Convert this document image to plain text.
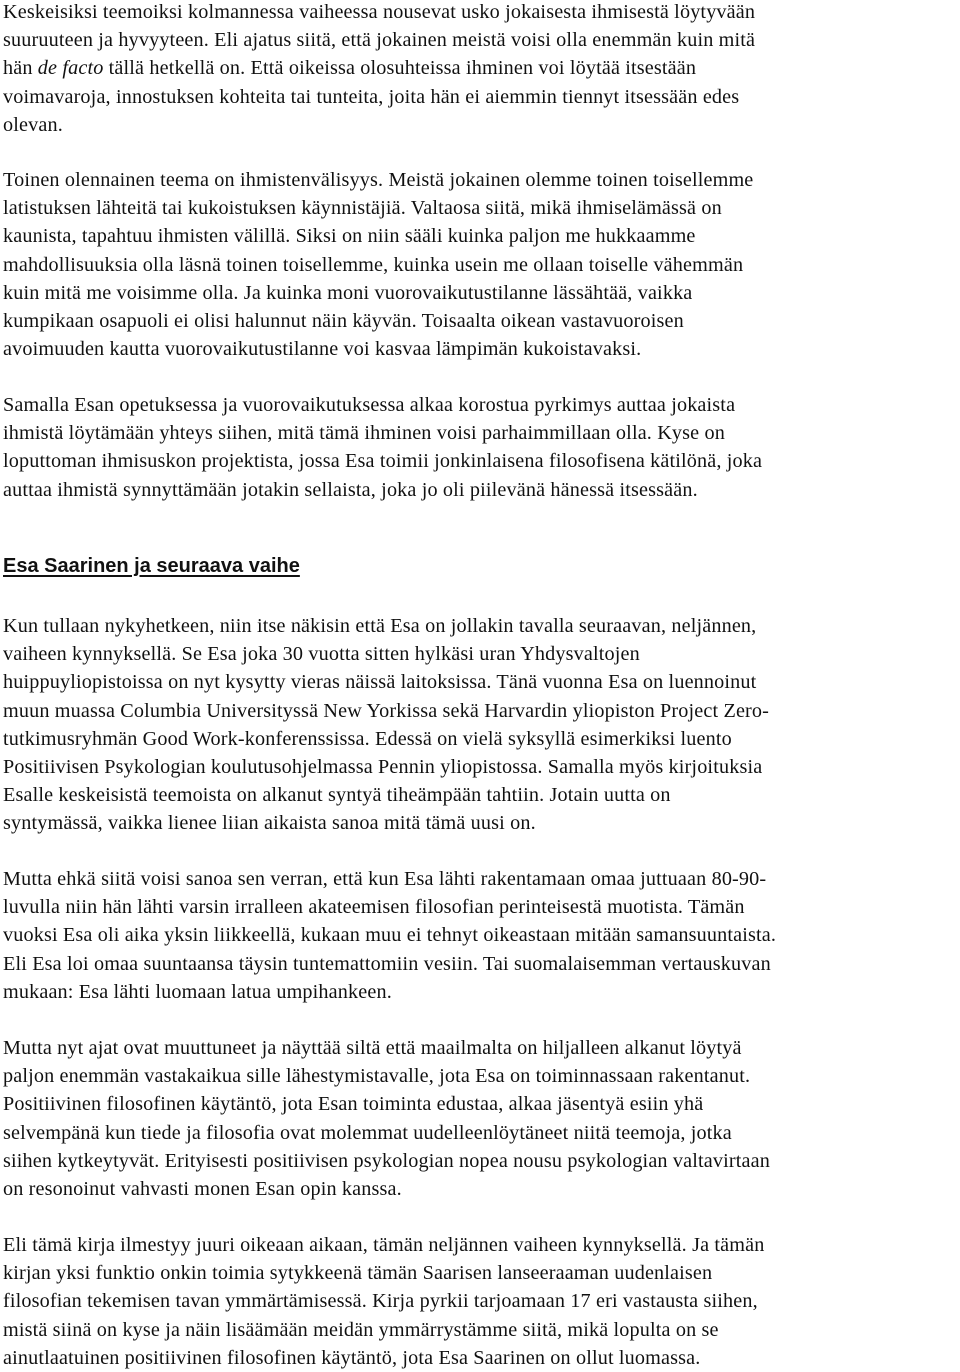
Keskeisiksi teemoiksi kolmannessa vaiheessa nousevat usko jokaisesta ihmisestä löytyvään
suuruuteen ja hyvyyteen. Eli ajatus siitä, että jokainen meistä voisi olla enemmän kuin mitä
hän de facto tällä hetkellä on. Että oikeissa olosuhteissa ihminen voi löytää itsestään
voimavaroja, innostuksen kohteita tai tunteita, joita hän ei aiemmin tiennyt itsessään edes
olevan.

Toinen olennainen teema on ihmistenvälisyys. Meistä jokainen olemme toinen toisellemme
latistuksen lähteitä tai kukoistuksen käynnistäjiä. Valtaosa siitä, mikä ihmiselämässä on
kaunista, tapahtuu ihmisten välillä. Siksi on niin sääli kuinka paljon me hukkaamme
mahdollisuuksia olla läsnä toinen toisellemme, kuinka usein me ollaan toiselle vähemmän
kuin mitä me voisimme olla. Ja kuinka moni vuorovaikutustilanne lässähtää, vaikka
kumpikaan osapuoli ei olisi halunnut näin käyvän. Toisaalta oikean vastavuoroisen
avoimuuden kautta vuorovaikutustilanne voi kasvaa lämpimän kukoistavaksi.

Samalla Esan opetuksessa ja vuorovaikutuksessa alkaa korostua pyrkimys auttaa jokaista
ihmistä löytämään yhteys siihen, mitä tämä ihminen voisi parhaimmillaan olla. Kyse on
loputtoman ihmisuskon projektista, jossa Esa toimii jonkinlaisena filosofisena kätilönä, joka
auttaa ihmistä synnyttämään jotakin sellaista, joka jo oli piilevänä hänessä itsessään.

Esa Saarinen ja seuraava vaihe

Kun tullaan nykyhetkeen, niin itse näkisin että Esa on jollakin tavalla seuraavan, neljännen,
vaiheen kynnyksellä. Se Esa joka 30 vuotta sitten hylkäsi uran Yhdysvaltojen
huippuyliopistoissa on nyt kysytty vieras näissä laitoksissa. Tänä vuonna Esa on luennoinut
muun muassa Columbia Universityssä New Yorkissa sekä Harvardin yliopiston Project Zero-
tutkimusryhmän Good Work-konferenssissa. Edessä on vielä syksyllä esimerkiksi luento
Positiivisen Psykologian koulutusohjelmassa Pennin yliopistossa. Samalla myös kirjoituksia
Esalle keskeisistä teemoista on alkanut syntyä tiheämpään tahtiin. Jotain uutta on
syntymässä, vaikka lienee liian aikaista sanoa mitä tämä uusi on.

Mutta ehkä siitä voisi sanoa sen verran, että kun Esa lähti rakentamaan omaa juttuaan 80-90-
luvulla niin hän lähti varsin irralleen akateemisen filosofian perinteisestä muotista. Tämän
vuoksi Esa oli aika yksin liikkeellä, kukaan muu ei tehnyt oikeastaan mitään samansuuntaista.
Eli Esa loi omaa suuntaansa täysin tuntemattomiin vesiin. Tai suomalaisemman vertauskuvan
mukaan: Esa lähti luomaan latua umpihankeen.

Mutta nyt ajat ovat muuttuneet ja näyttää siltä että maailmalta on hiljalleen alkanut löytyä
paljon enemmän vastakaikua sille lähestymistavalle, jota Esa on toiminnassaan rakentanut.
Positiivinen filosofinen käytäntö, jota Esan toiminta edustaa, alkaa jäsentyä esiin yhä
selvempänä kun tiede ja filosofia ovat molemmat uudelleenlöytäneet niitä teemoja, jotka
siihen kytkeytyvät. Erityisesti positiivisen psykologian nopea nousu psykologian valtavirtaan
on resonoinut vahvasti monen Esan opin kanssa.

Eli tämä kirja ilmestyy juuri oikeaan aikaan, tämän neljännen vaiheen kynnyksellä. Ja tämän
kirjan yksi funktio onkin toimia sytykkeenä tämän Saarisen lanseeraaman uudenlaisen
filosofian tekemisen tavan ymmärtämisessä. Kirja pyrkii tarjoamaan 17 eri vastausta siihen,
mistä siinä on kyse ja näin lisäämään meidän ymmärrystämme siitä, mikä lopulta on se
ainutlaatuinen positiivinen filosofinen käytäntö, jota Esa Saarinen on ollut luomassa.
